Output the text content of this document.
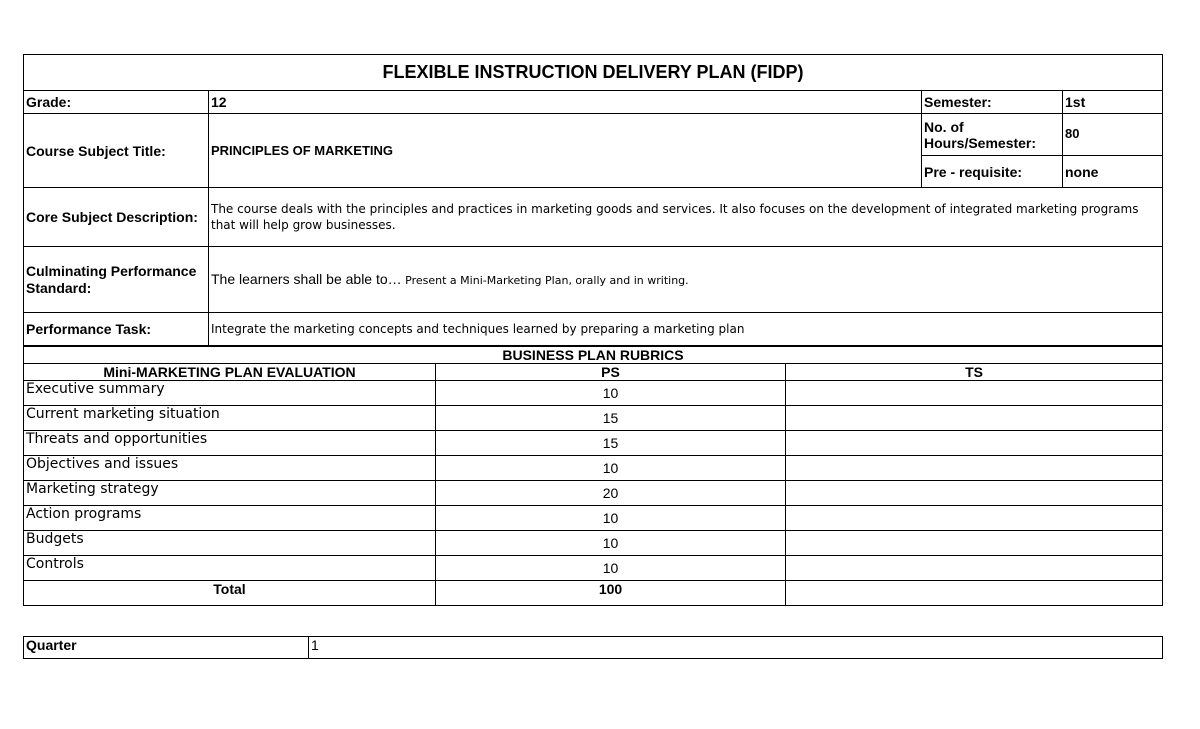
FLEXIBLE INSTRUCTION DELIVERY PLAN (FIDP)			
Grade:	12	Semester:	1st
Course Subject Title:	PRINCIPLES OF MARKETING	No. of Hours/Semester:	80
		Pre - requisite:	none
Core Subject Description:	The course deals with the principles and practices in marketing goods and services. It also focuses on the development of integrated marketing programs that will help grow businesses.		
Culminating Performance Standard:	The learners shall be able to… Present a Mini-Marketing Plan, orally and in writing.		
Performance Task:	Integrate the marketing concepts and techniques learned by preparing a marketing plan		
BUSINESS PLAN RUBRICS		
Mini-MARKETING PLAN EVALUATION	PS	TS
Executive summary	10	
Current marketing situation	15	
Threats and opportunities	15	
Objectives and issues	10	
Marketing strategy	20	
Action programs	10	
Budgets	10	
Controls	10	
Total	100	
Quarter	1
